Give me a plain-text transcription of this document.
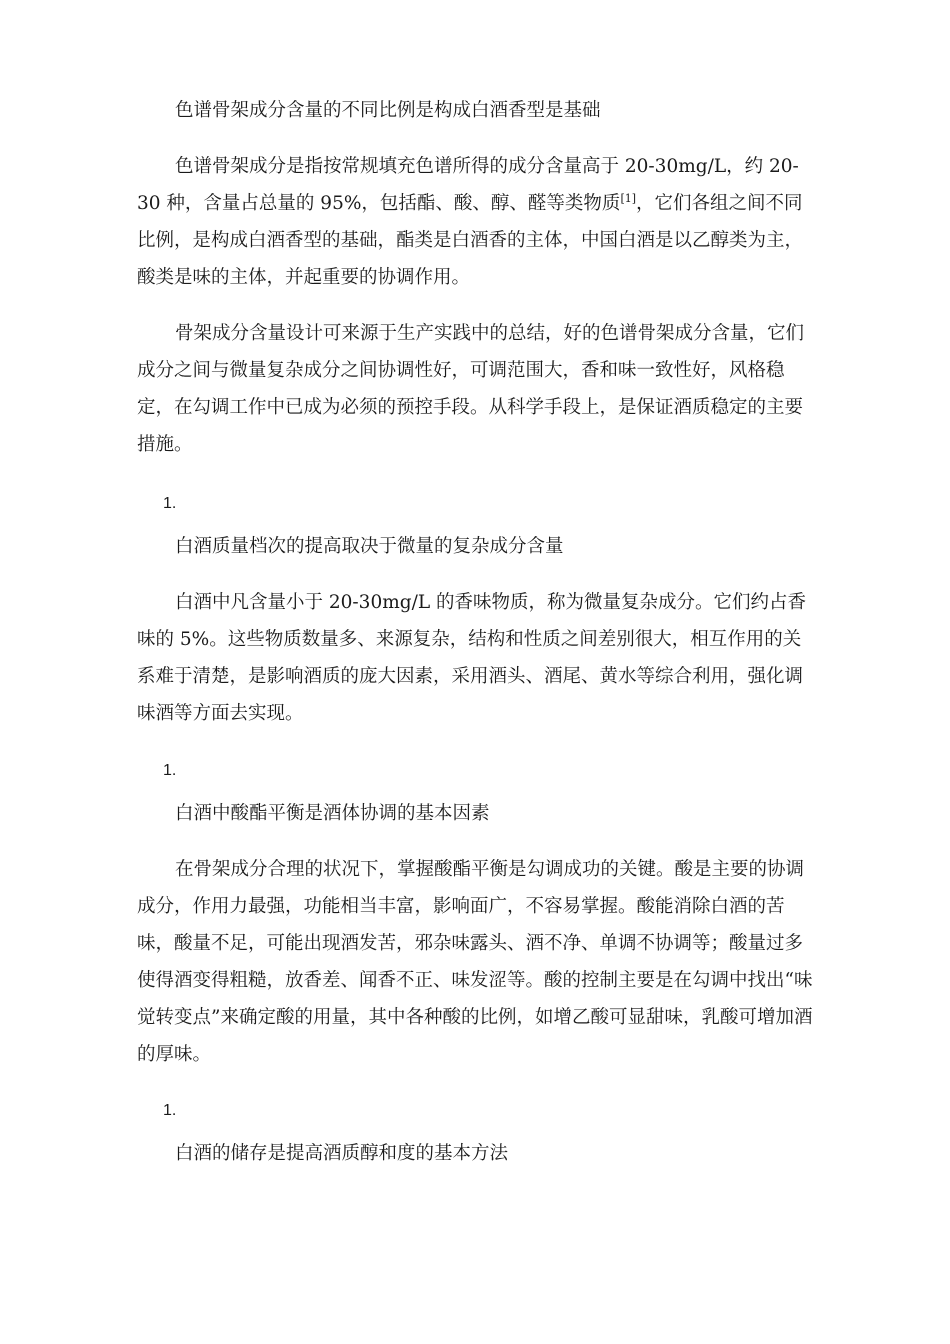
色谱骨架成分含量的不同比例是构成白酒香型是基础

色谱骨架成分是指按常规填充色谱所得的成分含量高于 20-30mg/L，约 20-30 种，含量占总量的 95%，包括酯、酸、醇、醛等类物质[1]，它们各组之间不同比例，是构成白酒香型的基础，酯类是白酒香的主体，中国白酒是以乙醇类为主，酸类是味的主体，并起重要的协调作用。

骨架成分含量设计可来源于生产实践中的总结，好的色谱骨架成分含量，它们成分之间与微量复杂成分之间协调性好，可调范围大，香和味一致性好，风格稳定，在勾调工作中已成为必须的预控手段。从科学手段上，是保证酒质稳定的主要措施。

1.

白酒质量档次的提高取决于微量的复杂成分含量

白酒中凡含量小于 20-30mg/L 的香味物质，称为微量复杂成分。它们约占香味的 5%。这些物质数量多、来源复杂，结构和性质之间差别很大，相互作用的关系难于清楚，是影响酒质的庞大因素，采用酒头、酒尾、黄水等综合利用，强化调味酒等方面去实现。

1.

白酒中酸酯平衡是酒体协调的基本因素

在骨架成分合理的状况下，掌握酸酯平衡是勾调成功的关键。酸是主要的协调成分，作用力最强，功能相当丰富，影响面广，不容易掌握。酸能消除白酒的苦味，酸量不足，可能出现酒发苦，邪杂味露头、酒不净、单调不协调等；酸量过多使得酒变得粗糙，放香差、闻香不正、味发涩等。酸的控制主要是在勾调中找出“味觉转变点”来确定酸的用量，其中各种酸的比例，如增乙酸可显甜味，乳酸可增加酒的厚味。

1.

白酒的储存是提高酒质醇和度的基本方法
